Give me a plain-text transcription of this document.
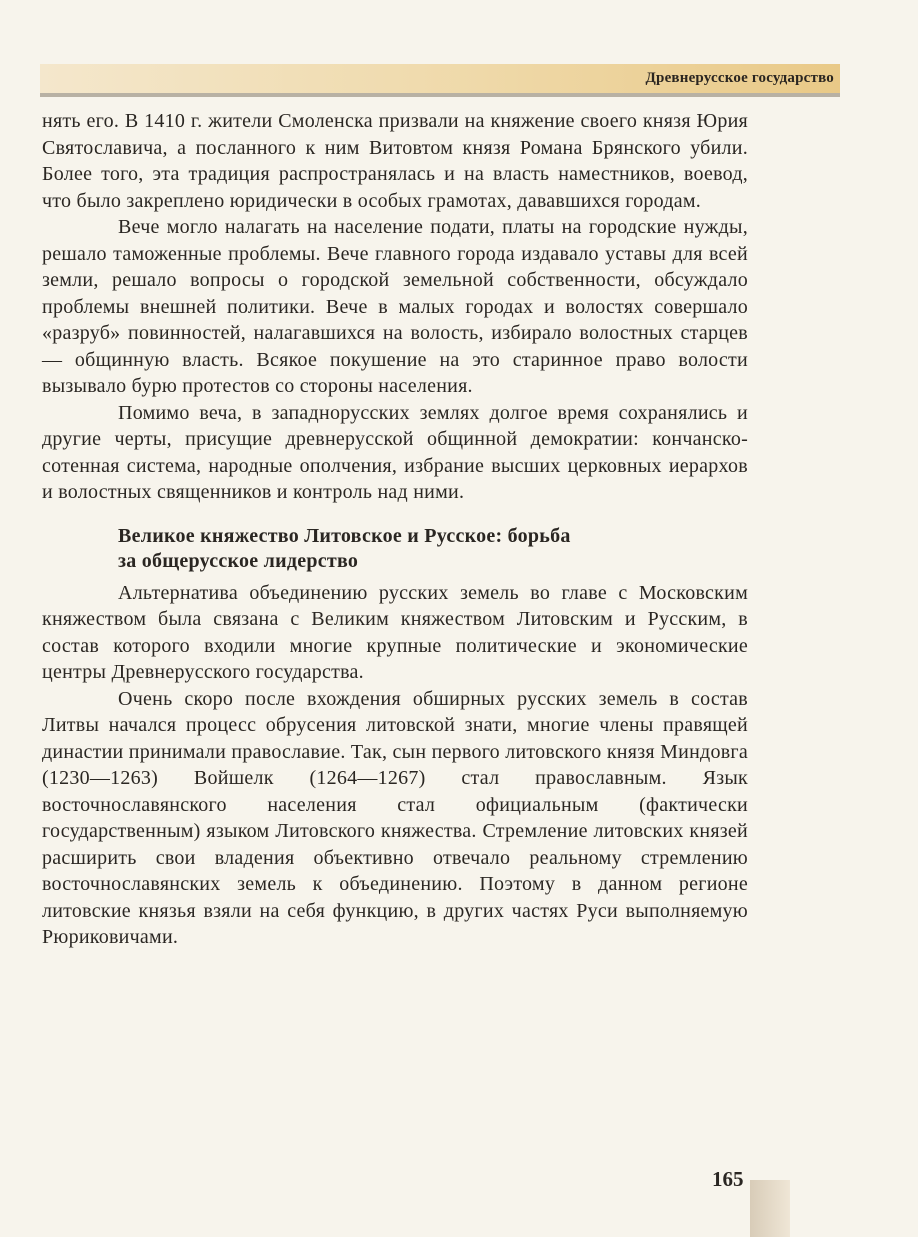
Древнерусское государство

нять его. В 1410 г. жители Смоленска призвали на княжение своего князя Юрия Святославича, а посланного к ним Витовтом князя Романа Брянского убили. Более того, эта традиция распространялась и на власть наместников, воевод, что было закреплено юридически в особых грамотах, дававшихся городам.

Вече могло налагать на население подати, платы на городские нужды, решало таможенные проблемы. Вече главного города издавало уставы для всей земли, решало вопросы о городской земельной собственности, обсуждало проблемы внешней политики. Вече в малых городах и волостях совершало «разруб» повинностей, налагавшихся на волость, избирало волостных старцев — общинную власть. Всякое покушение на это старинное право волости вызывало бурю протестов со стороны населения.

Помимо веча, в западнорусских землях долгое время сохранялись и другие черты, присущие древнерусской общинной демократии: кончанско-сотенная система, народные ополчения, избрание высших церковных иерархов и волостных священников и контроль над ними.

Великое княжество Литовское и Русское: борьба
за общерусское лидерство

Альтернатива объединению русских земель во главе с Московским княжеством была связана с Великим княжеством Литовским и Русским, в состав которого входили многие крупные политические и экономические центры Древнерусского государства.

Очень скоро после вхождения обширных русских земель в состав Литвы начался процесс обрусения литовской знати, многие члены правящей династии принимали православие. Так, сын первого литовского князя Миндовга (1230—1263) Войшелк (1264—1267) стал православным. Язык восточнославянского населения стал официальным (фактически государственным) языком Литовского княжества. Стремление литовских князей расширить свои владения объективно отвечало реальному стремлению восточнославянских земель к объединению. Поэтому в данном регионе литовские князья взяли на себя функцию, в других частях Руси выполняемую Рюриковичами.

165
